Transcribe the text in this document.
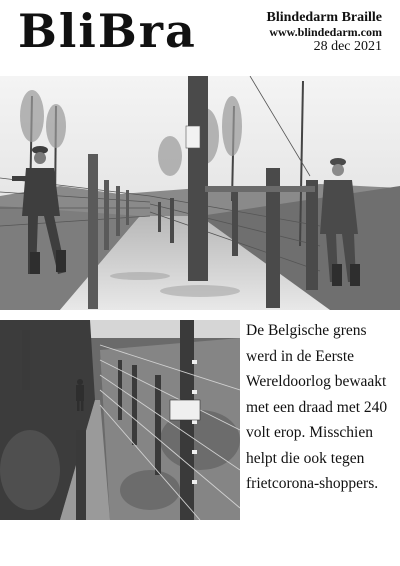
BliBra	Blindedarm Braille
www.blindedarm.com
28 dec 2021
De Belgische grens werd in de Eerste Wereldoorlog bewaakt met een draad met 240 volt erop. Misschien helpt die ook tegen frietcorona-shoppers.
